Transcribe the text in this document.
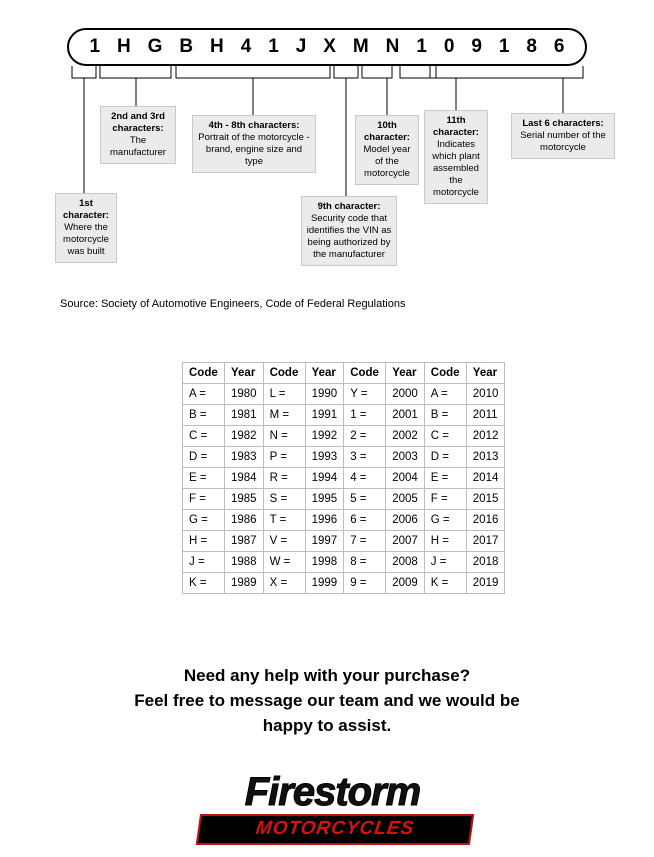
1 H G B H 4 1 J X M N 1 0 9 1 8 6
1st character:
Where the motorcycle was built
2nd and 3rd characters:
The manufacturer
4th - 8th characters:
Portrait of the motorcycle - brand, engine size and type
9th character:
Security code that identifies the VIN as being authorized by the manufacturer
10th character:
Model year of the motorcycle
11th character:
Indicates which plant assembled the motorcycle
Last 6 characters:
Serial number of the motorcycle
Source: Society of Automotive Engineers, Code of Federal Regulations
Code	Year	Code	Year	Code	Year	Code	Year
A =	1980	L =	1990	Y =	2000	A =	2010
B =	1981	M =	1991	1 =	2001	B =	2011
C =	1982	N =	1992	2 =	2002	C =	2012
D =	1983	P =	1993	3 =	2003	D =	2013
E =	1984	R =	1994	4 =	2004	E =	2014
F =	1985	S =	1995	5 =	2005	F =	2015
G =	1986	T =	1996	6 =	2006	G =	2016
H =	1987	V =	1997	7 =	2007	H =	2017
J =	1988	W =	1998	8 =	2008	J =	2018
K =	1989	X =	1999	9 =	2009	K =	2019
Need any help with your purchase?
Feel free to message our team and we would be
happy to assist.
Firestorm
MOTORCYCLES
